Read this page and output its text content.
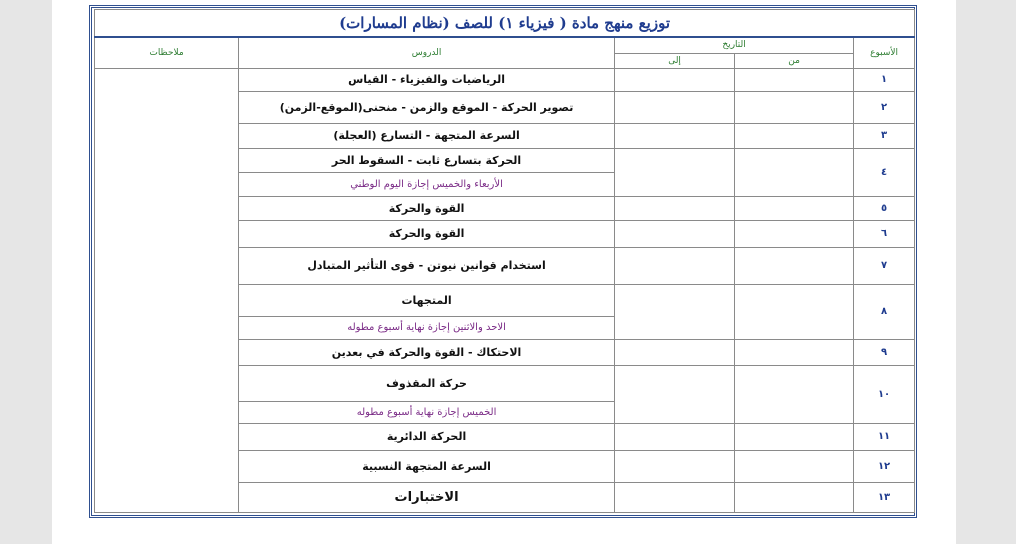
توزيع منهج مادة ( فيزياء ١) للصف (نظام المسارات)				
الأسبوع	التاريخ		الدروس	ملاحظات
	من	إلى		
١			الرياضيات والفيزياء - القياس	
٢			تصوير الحركة - الموقع والزمن - منحنى(الموقع-الزمن)	
٣			السرعة المتجهة - التسارع (العجلة)	
٤			الحركة بتسارع ثابت - السقوط الحر	
			الأربعاء والخميس إجازة اليوم الوطني	
٥			القوة والحركة	
٦			القوة والحركة	
٧			استخدام قوانين نيوتن - قوى التأثير المتبادل	
٨			المتجهات	
			الاحد والاثنين إجازة نهاية أسبوع مطوله	
٩			الاحتكاك - القوة والحركة في بعدين	
١٠			حركة المقذوف	
			الخميس إجازة نهاية أسبوع مطوله	
١١			الحركة الدائرية	
١٢			السرعة المتجهة النسبية	
١٣			الاختبارات	
